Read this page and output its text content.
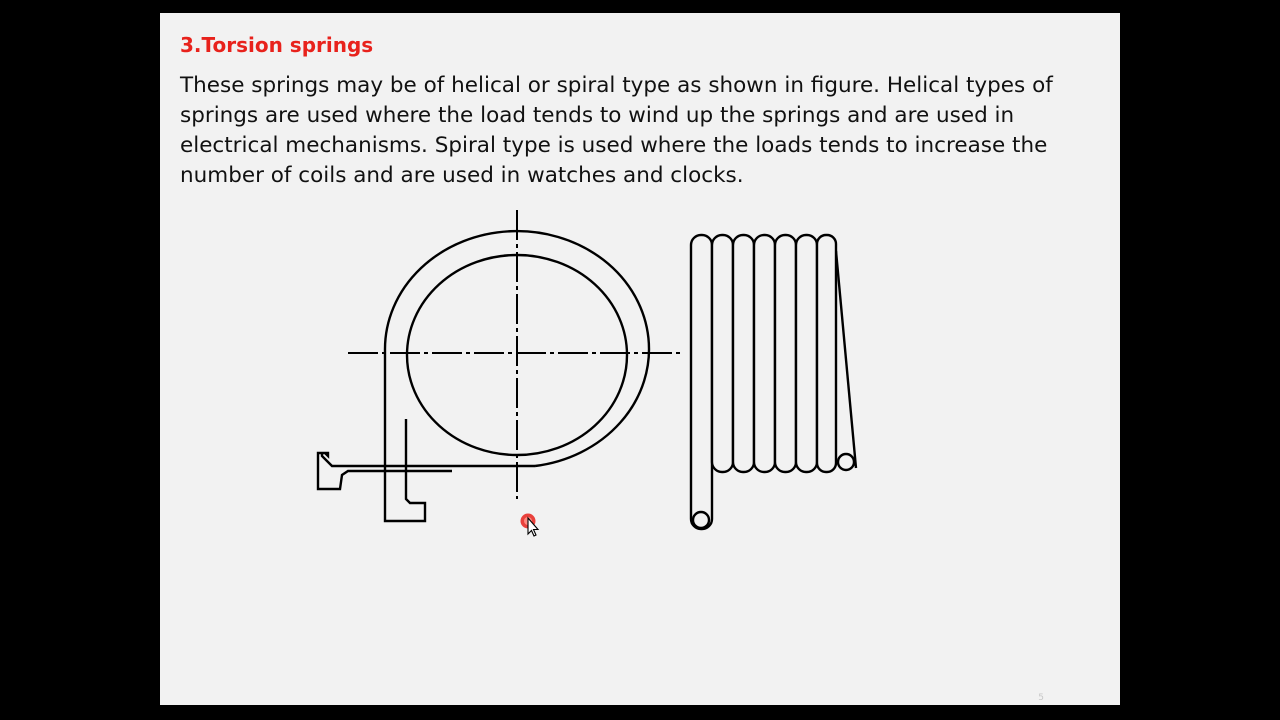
3.Torsion springs

These springs may be of helical or spiral type as shown in figure. Helical types of springs are used where the load tends to wind up the springs and are used in electrical mechanisms. Spiral type is used where the loads tends to increase the number of coils and are used in watches and clocks.

5
